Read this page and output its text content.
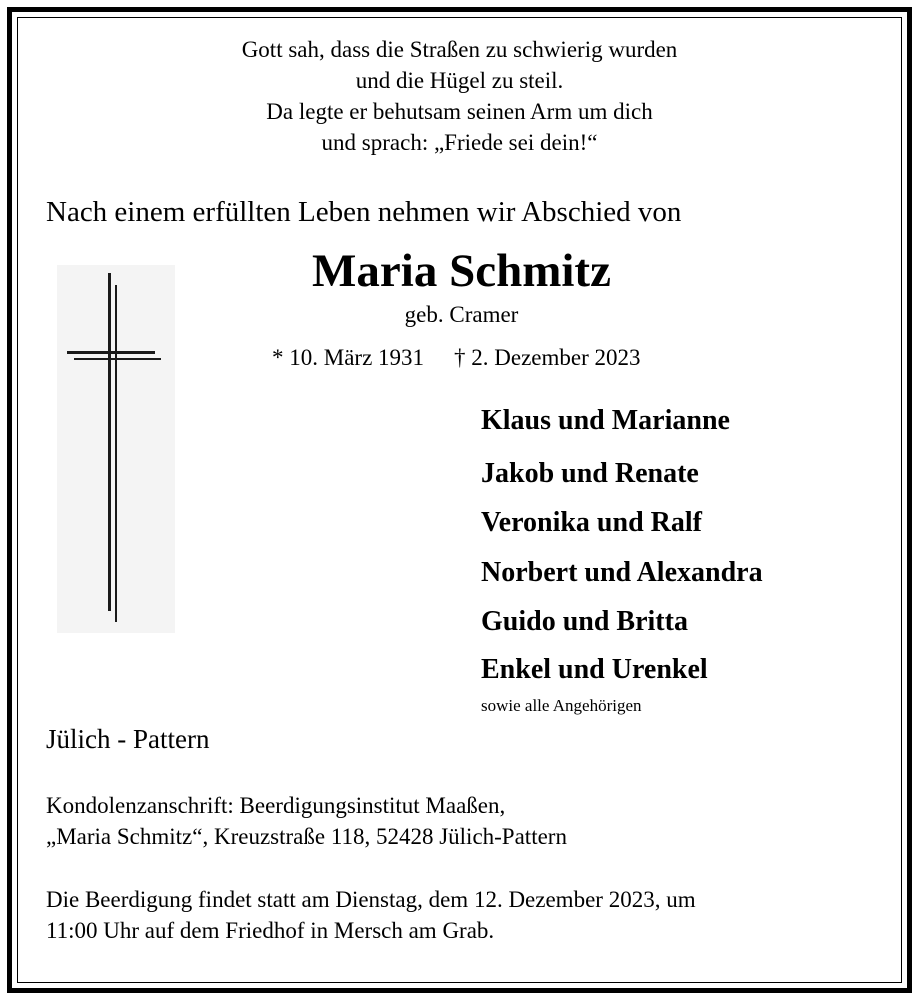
Gott sah, dass die Straßen zu schwierig wurden
und die Hügel zu steil.
Da legte er behutsam seinen Arm um dich
und sprach: „Friede sei dein!“
Nach einem erfüllten Leben nehmen wir Abschied von
Maria Schmitz
geb. Cramer
* 10. März 1931 † 2. Dezember 2023
Klaus und Marianne
Jakob und Renate
Veronika und Ralf
Norbert und Alexandra
Guido und Britta
Enkel und Urenkel
sowie alle Angehörigen
Jülich - Pattern
Kondolenzanschrift: Beerdigungsinstitut Maaßen,
„Maria Schmitz“, Kreuzstraße 118, 52428 Jülich-Pattern
Die Beerdigung findet statt am Dienstag, dem 12. Dezember 2023, um
11:00 Uhr auf dem Friedhof in Mersch am Grab.
